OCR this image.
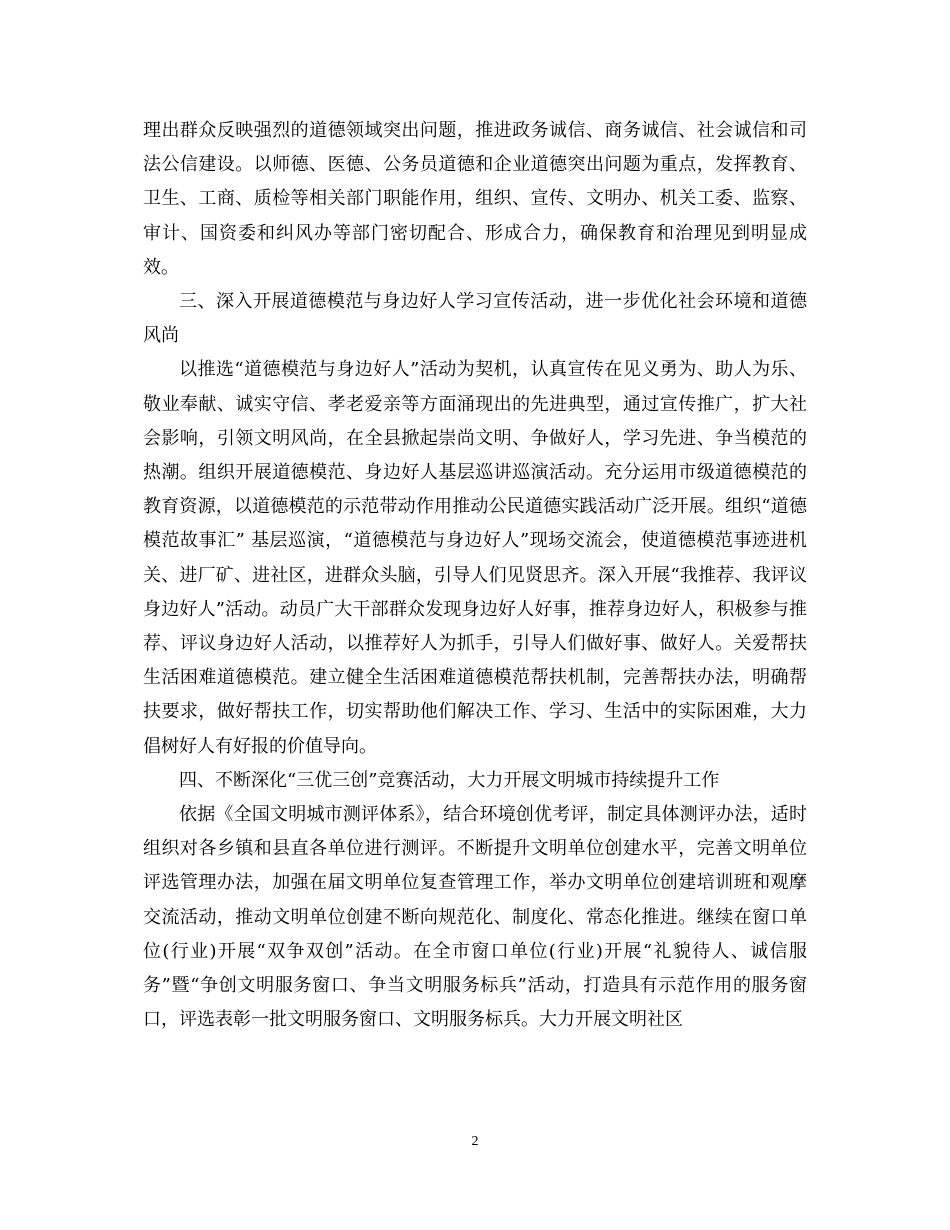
理出群众反映强烈的道德领域突出问题，推进政务诚信、商务诚信、社会诚信和司法公信建设。以师德、医德、公务员道德和企业道德突出问题为重点，发挥教育、卫生、工商、质检等相关部门职能作用，组织、宣传、文明办、机关工委、监察、审计、国资委和纠风办等部门密切配合、形成合力，确保教育和治理见到明显成效。

三、深入开展道德模范与身边好人学习宣传活动，进一步优化社会环境和道德风尚

以推选“道德模范与身边好人”活动为契机，认真宣传在见义勇为、助人为乐、敬业奉献、诚实守信、孝老爱亲等方面涌现出的先进典型，通过宣传推广，扩大社会影响，引领文明风尚，在全县掀起崇尚文明、争做好人，学习先进、争当模范的热潮。组织开展道德模范、身边好人基层巡讲巡演活动。充分运用市级道德模范的教育资源，以道德模范的示范带动作用推动公民道德实践活动广泛开展。组织“道德模范故事汇” 基层巡演，“道德模范与身边好人”现场交流会，使道德模范事迹进机关、进厂矿、进社区，进群众头脑，引导人们见贤思齐。深入开展“我推荐、我评议身边好人”活动。动员广大干部群众发现身边好人好事，推荐身边好人，积极参与推荐、评议身边好人活动，以推荐好人为抓手，引导人们做好事、做好人。关爱帮扶生活困难道德模范。建立健全生活困难道德模范帮扶机制，完善帮扶办法，明确帮扶要求，做好帮扶工作，切实帮助他们解决工作、学习、生活中的实际困难，大力倡树好人有好报的价值导向。

四、不断深化“三优三创”竞赛活动，大力开展文明城市持续提升工作

依据《全国文明城市测评体系》，结合环境创优考评，制定具体测评办法，适时组织对各乡镇和县直各单位进行测评。不断提升文明单位创建水平，完善文明单位评选管理办法，加强在届文明单位复查管理工作，举办文明单位创建培训班和观摩交流活动，推动文明单位创建不断向规范化、制度化、常态化推进。继续在窗口单位(行业)开展“双争双创”活动。在全市窗口单位(行业)开展“礼貌待人、诚信服务”暨“争创文明服务窗口、争当文明服务标兵”活动，打造具有示范作用的服务窗口，评选表彰一批文明服务窗口、文明服务标兵。大力开展文明社区

2
